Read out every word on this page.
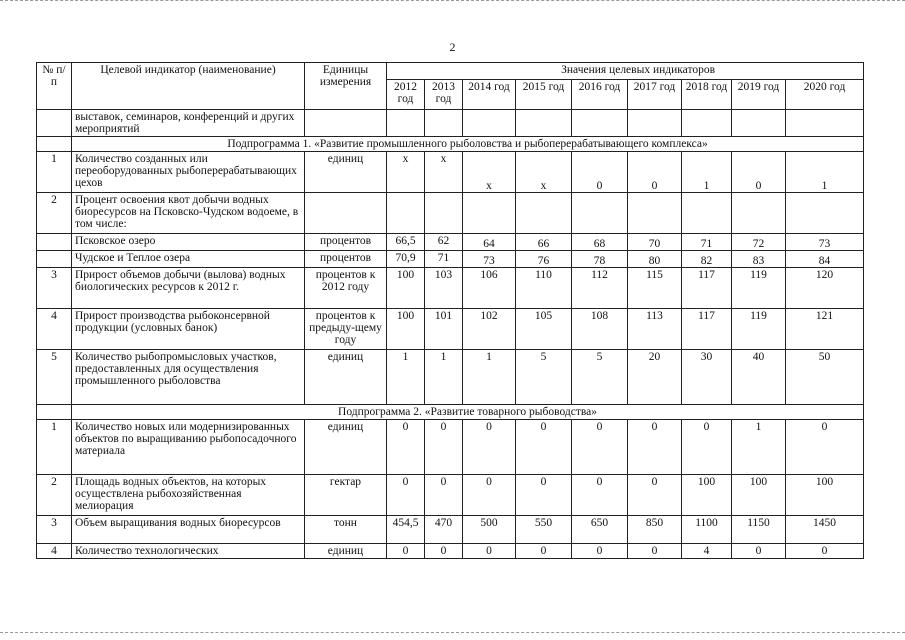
2
№ п/п	Целевой индикатор (наименование)	Единицы измерения	Значения целевых индикаторов								
			2012 год	2013 год	2014 год	2015 год	2016 год	2017 год	2018 год	2019 год	2020 год
	выставок, семинаров, конференций и других мероприятий										
	Подпрограмма 1. «Развитие промышленного рыболовства и рыбоперерабатывающего комплекса»										
1	Количество созданных или переоборудованных рыбоперерабатывающих цехов	единиц	х	х	х	х	0	0	1	0	1
2	Процент освоения квот добычи водных биоресурсов на Псковско-Чудском водоеме, в том числе:										
	Псковское озеро	процентов	66,5	62	64	66	68	70	71	72	73
	Чудское и Теплое озера	процентов	70,9	71	73	76	78	80	82	83	84
3	Прирост объемов добычи (вылова) водных биологических ресурсов к 2012 г.	процентов к 2012 году	100	103	106	110	112	115	117	119	120
4	Прирост производства рыбоконсервной продукции (условных банок)	процентов к предыду-щему году	100	101	102	105	108	113	117	119	121
5	Количество рыбопромысловых участков, предоставленных для осуществления промышленного рыболовства	единиц	1	1	1	5	5	20	30	40	50
	Подпрограмма 2. «Развитие товарного рыбоводства»										
1	Количество новых или модернизированных объектов по выращиванию рыбопосадочного материала	единиц	0	0	0	0	0	0	0	1	0
2	Площадь водных объектов, на которых осуществлена рыбохозяйственная мелиорация	гектар	0	0	0	0	0	0	100	100	100
3	Объем выращивания водных биоресурсов	тонн	454,5	470	500	550	650	850	1100	1150	1450
4	Количество технологических	единиц	0	0	0	0	0	0	4	0	0
